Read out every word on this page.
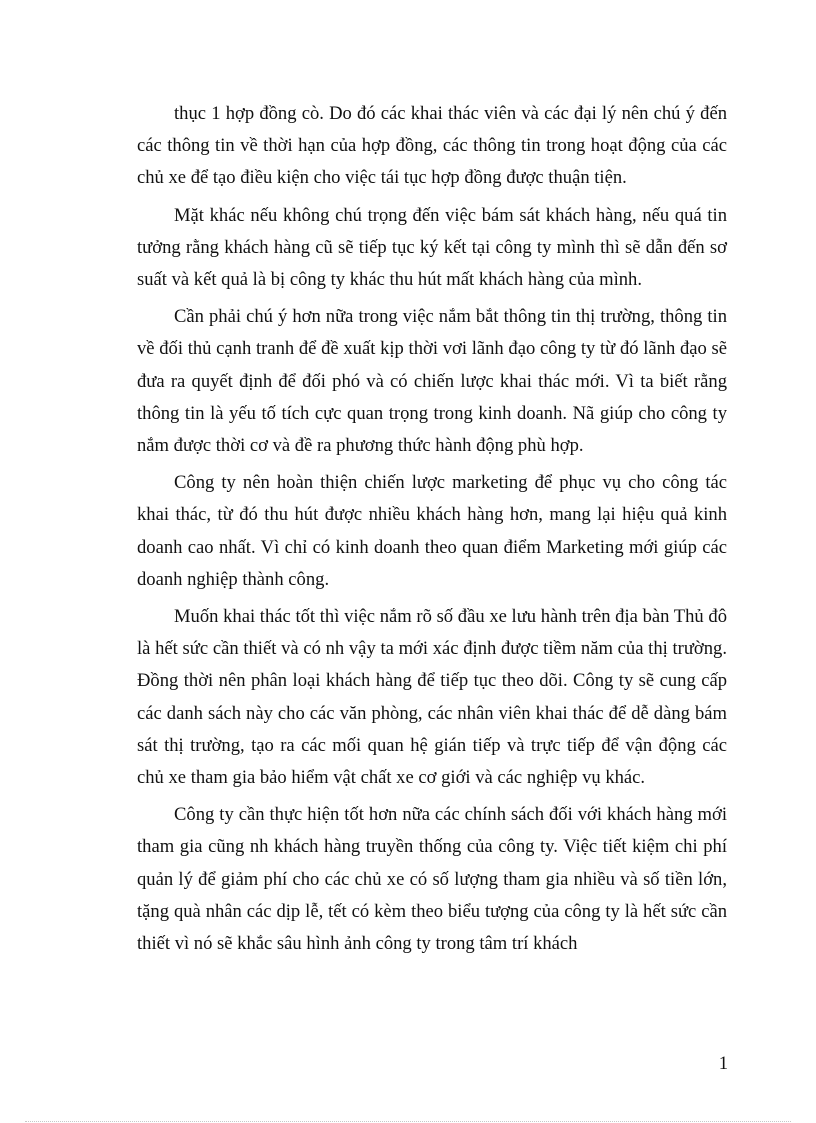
thục 1 hợp đồng cò. Do đó các khai thác viên và các đại lý nên chú ý đến các thông tin về thời hạn của hợp đồng, các thông tin trong hoạt động của các chủ xe để tạo điều kiện cho việc tái tục hợp đồng được thuận tiện.

Mặt khác nếu không chú trọng đến việc bám sát khách hàng, nếu quá tin tưởng rằng khách hàng cũ sẽ tiếp tục ký kết tại công ty mình thì sẽ dẫn đến sơ suất và kết quả là bị công ty khác thu hút mất khách hàng của mình.

Cần phải chú ý hơn nữa trong việc nắm bắt thông tin thị trường, thông tin về đối thủ cạnh tranh để đề xuất kịp thời vơi lãnh đạo công ty từ đó lãnh đạo sẽ đưa ra quyết định để đối phó và có chiến lược khai thác mới. Vì ta biết rằng thông tin là yếu tố tích cực quan trọng trong kinh doanh. Nã giúp cho công ty nắm được thời cơ và đề ra phương thức hành động phù hợp.

Công ty nên hoàn thiện chiến lược marketing để phục vụ cho công tác khai thác, từ đó thu hút được nhiều khách hàng hơn, mang lại hiệu quả kinh doanh cao nhất. Vì chỉ có kinh doanh theo quan điểm Marketing mới giúp các doanh nghiệp thành công.

Muốn khai thác tốt thì việc nắm rõ số đầu xe lưu hành trên địa bàn Thủ đô là hết sức cần thiết và có nh vậy ta mới xác định được tiềm năm của thị trường. Đồng thời nên phân loại khách hàng để tiếp tục theo dõi. Công ty sẽ cung cấp các danh sách này cho các văn phòng, các nhân viên khai thác để dễ dàng bám sát thị trường, tạo ra các mối quan hệ gián tiếp và trực tiếp để vận động các chủ xe tham gia bảo hiểm vật chất xe cơ giới và các nghiệp vụ khác.

Công ty cần thực hiện tốt hơn nữa các chính sách đối với khách hàng mới tham gia cũng nh khách hàng truyền thống của công ty. Việc tiết kiệm chi phí quản lý để giảm phí cho các chủ xe có số lượng tham gia nhiều và số tiền lớn, tặng quà nhân các dịp lễ, tết có kèm theo biểu tượng của công ty là hết sức cần thiết vì nó sẽ khắc sâu hình ảnh công ty trong tâm trí khách

1
